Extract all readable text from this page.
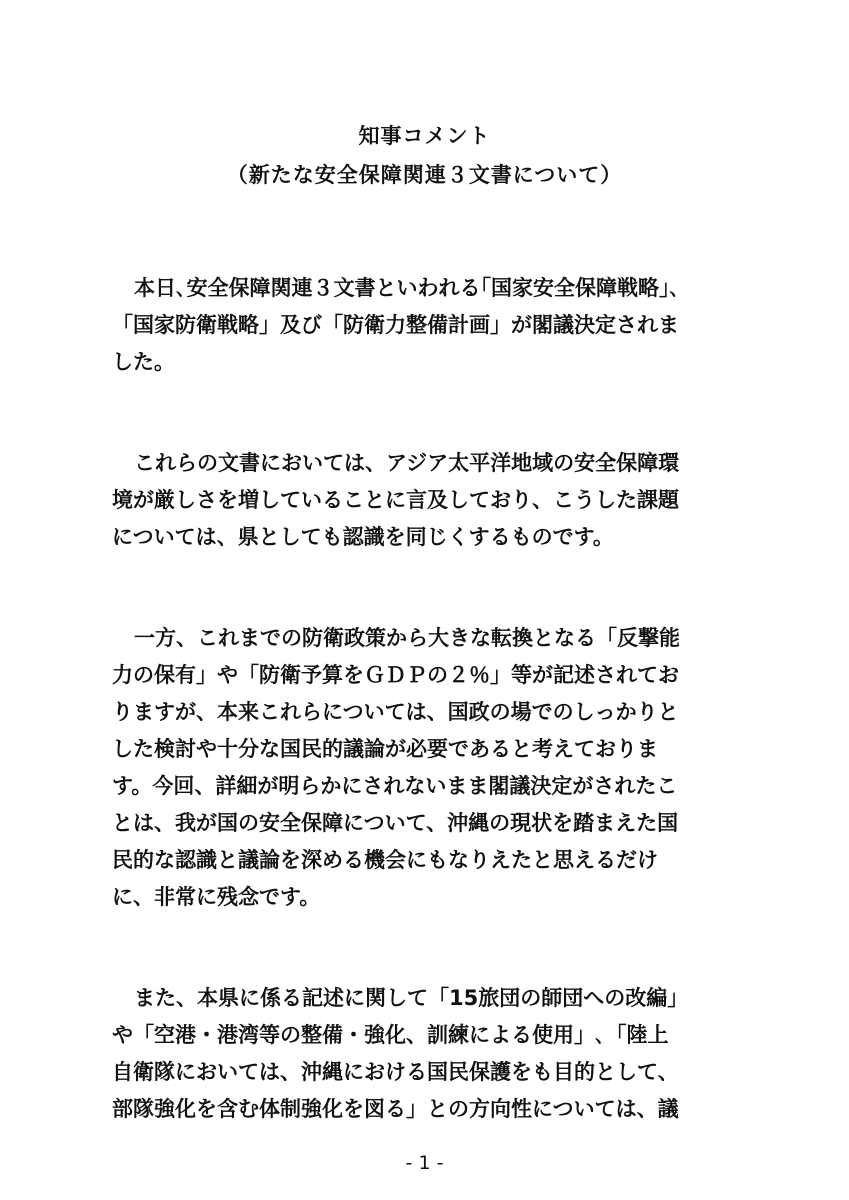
知事コメント
（新たな安全保障関連３文書について）
本日､安全保障関連３文書といわれる｢国家安全保障戦略｣､
「国家防衛戦略」及び「防衛力整備計画」が閣議決定されま
した。
これらの文書においては、アジア太平洋地域の安全保障環
境が厳しさを増していることに言及しており、こうした課題
については、県としても認識を同じくするものです。
一方、これまでの防衛政策から大きな転換となる「反撃能
力の保有」や「防衛予算をＧＤＰの２％」等が記述されてお
りますが、本来これらについては、国政の場でのしっかりと
した検討や十分な国民的議論が必要であると考えておりま
す。今回、詳細が明らかにされないまま閣議決定がされたこ
とは、我が国の安全保障について、沖縄の現状を踏まえた国
民的な認識と議論を深める機会にもなりえたと思えるだけ
に、非常に残念です。
また、本県に係る記述に関して「15旅団の師団への改編」
や「空港・港湾等の整備・強化、訓練による使用」､「陸上
自衛隊においては、沖縄における国民保護をも目的として、
部隊強化を含む体制強化を図る」との方向性については、議
- 1 -
